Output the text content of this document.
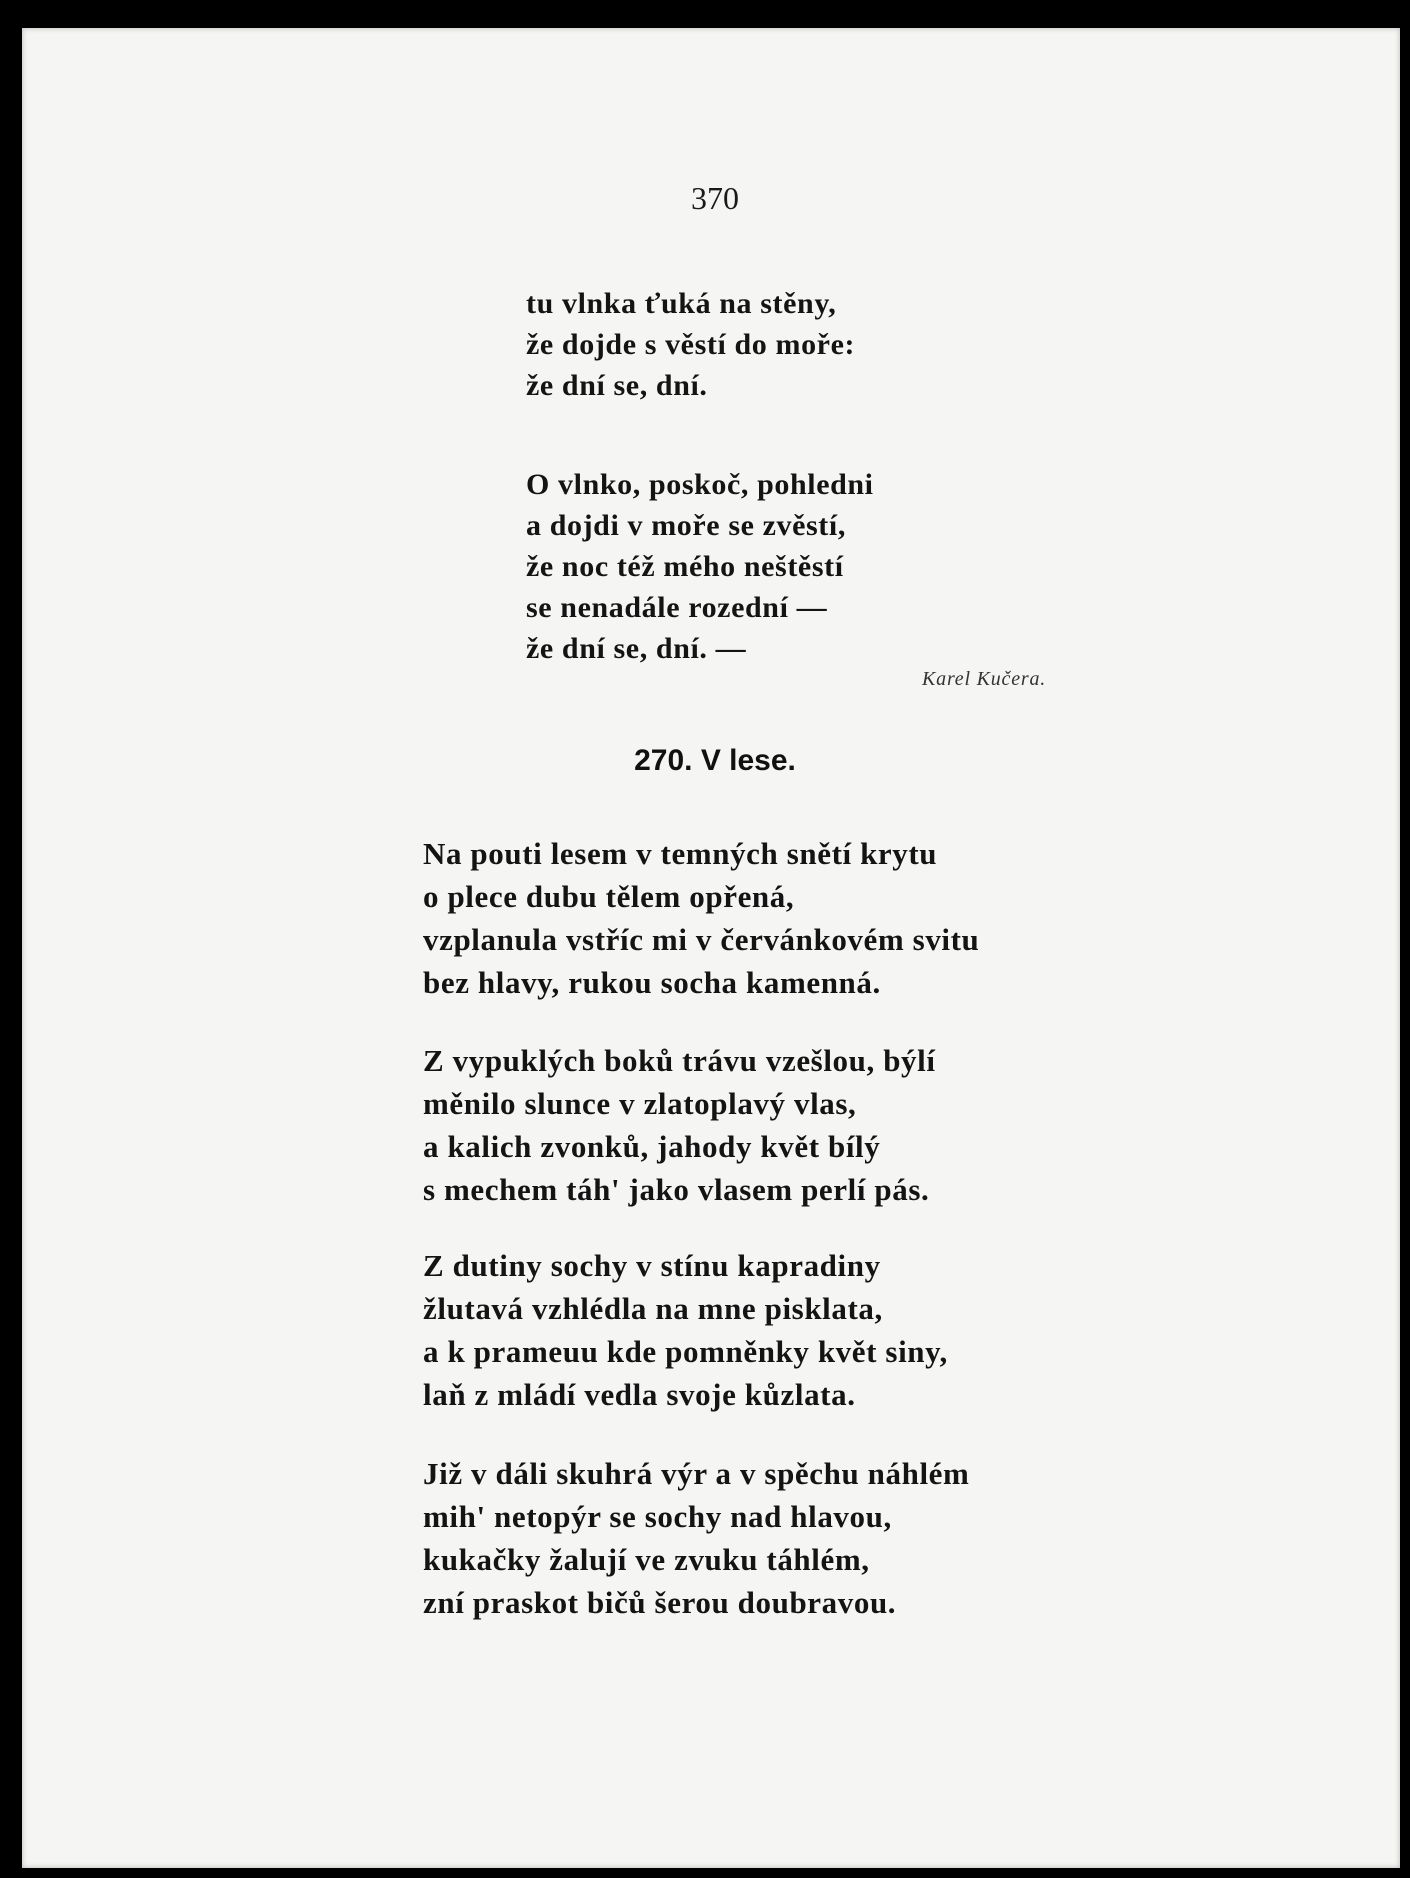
370
tu vlnka ťuká na stěny,
že dojde s věstí do moře:
že dní se, dní.
O vlnko, poskoč, pohledni
a dojdi v moře se zvěstí,
že noc též mého neštěstí
se nenadále rozední —
že dní se, dní. —
Karel Kučera.
270. V lese.
Na pouti lesem v temných snětí krytu
o plece dubu tělem opřená,
vzplanula vstříc mi v červánkovém svitu
bez hlavy, rukou socha kamenná.
Z vypuklých boků trávu vzešlou, býlí
měnilo slunce v zlatoplavý vlas,
a kalich zvonků, jahody květ bílý
s mechem táh' jako vlasem perlí pás.
Z dutiny sochy v stínu kapradiny
žlutavá vzhlédla na mne pisklata,
a k prameuu kde pomněnky květ siny,
laň z mládí vedla svoje kůzlata.
Již v dáli skuhrá výr a v spěchu náhlém
mih' netopýr se sochy nad hlavou,
kukačky žalují ve zvuku táhlém,
zní praskot bičů šerou doubravou.
